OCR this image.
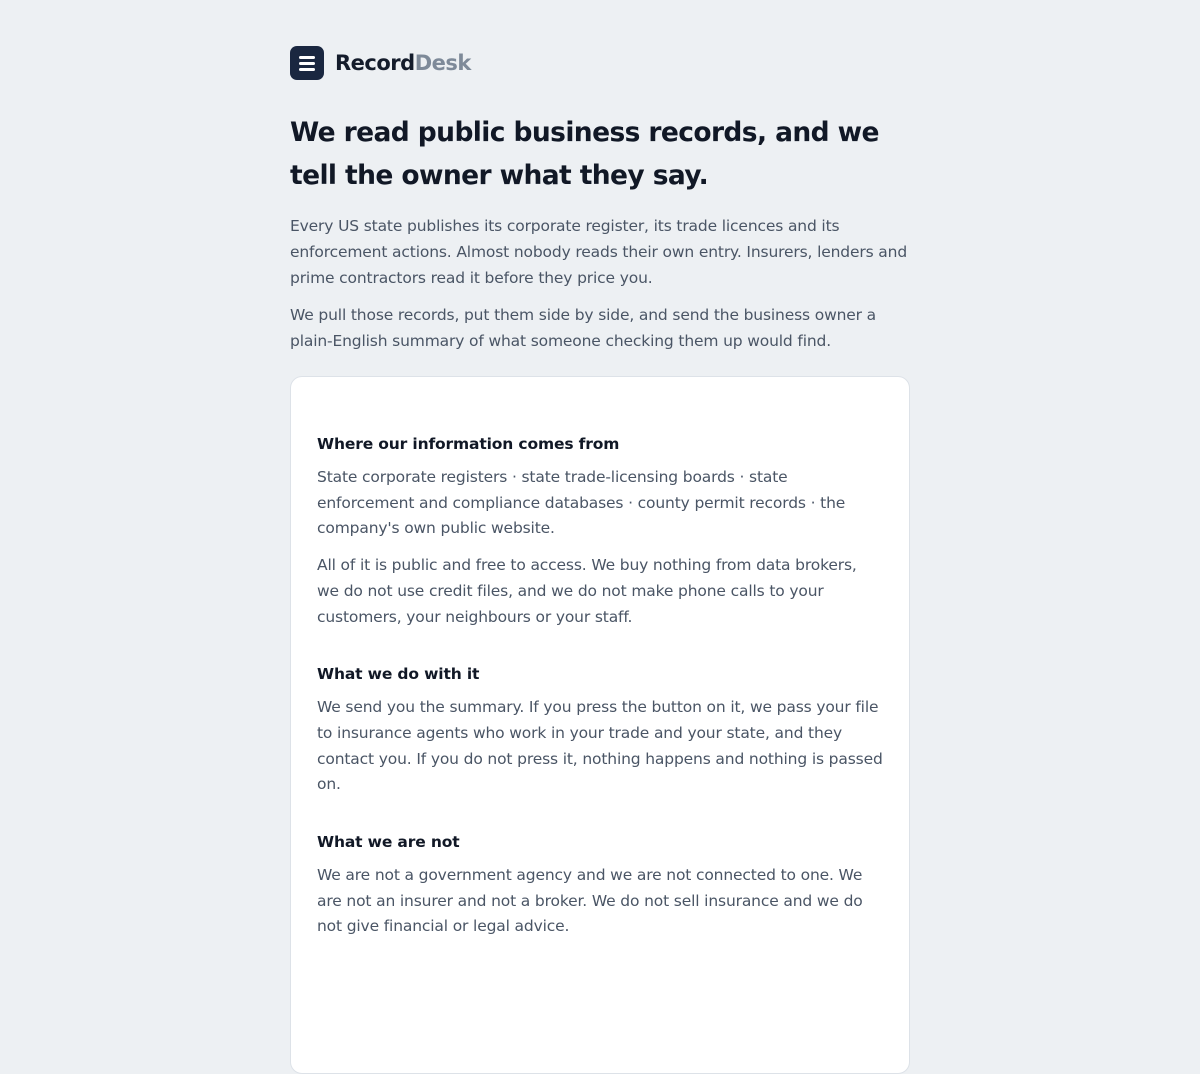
RecordDesk
We read public business records, and we tell the owner what they say.

Every US state publishes its corporate register, its trade licences and its enforcement actions. Almost nobody reads their own entry. Insurers, lenders and prime contractors read it before they price you.

We pull those records, put them side by side, and send the business owner a plain-English summary of what someone checking them up would find.

Where our information comes from

State corporate registers · state trade-licensing boards · state enforcement and compliance databases · county permit records · the company's own public website.

All of it is public and free to access. We buy nothing from data brokers, we do not use credit files, and we do not make phone calls to your customers, your neighbours or your staff.

What we do with it

We send you the summary. If you press the button on it, we pass your file to insurance agents who work in your trade and your state, and they contact you. If you do not press it, nothing happens and nothing is passed on.

What we are not

We are not a government agency and we are not connected to one. We are not an insurer and not a broker. We do not sell insurance and we do not give financial or legal advice.
